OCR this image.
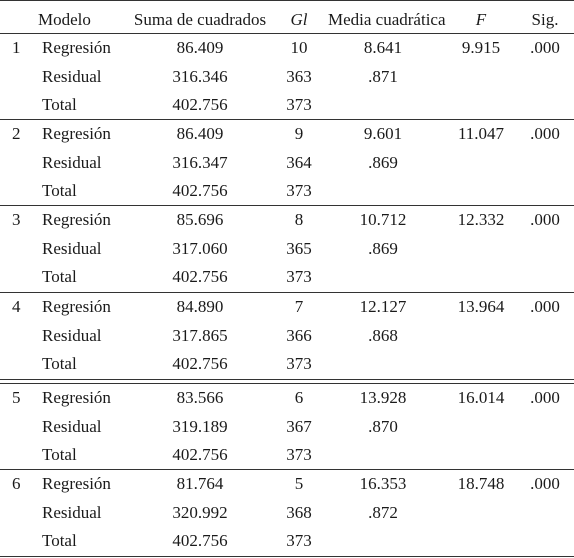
Modelo	Suma de cuadrados	Gl	Media cuadrática	F	Sig.
1 Regresión	86.409	10	8.641	9.915	.000
Residual	316.346	363	.871
Total	402.756	373
2 Regresión	86.409	9	9.601	11.047	.000
Residual	316.347	364	.869
Total	402.756	373
3 Regresión	85.696	8	10.712	12.332	.000
Residual	317.060	365	.869
Total	402.756	373
4 Regresión	84.890	7	12.127	13.964	.000
Residual	317.865	366	.868
Total	402.756	373
5 Regresión	83.566	6	13.928	16.014	.000
Residual	319.189	367	.870
Total	402.756	373
6 Regresión	81.764	5	16.353	18.748	.000
Residual	320.992	368	.872
Total	402.756	373
